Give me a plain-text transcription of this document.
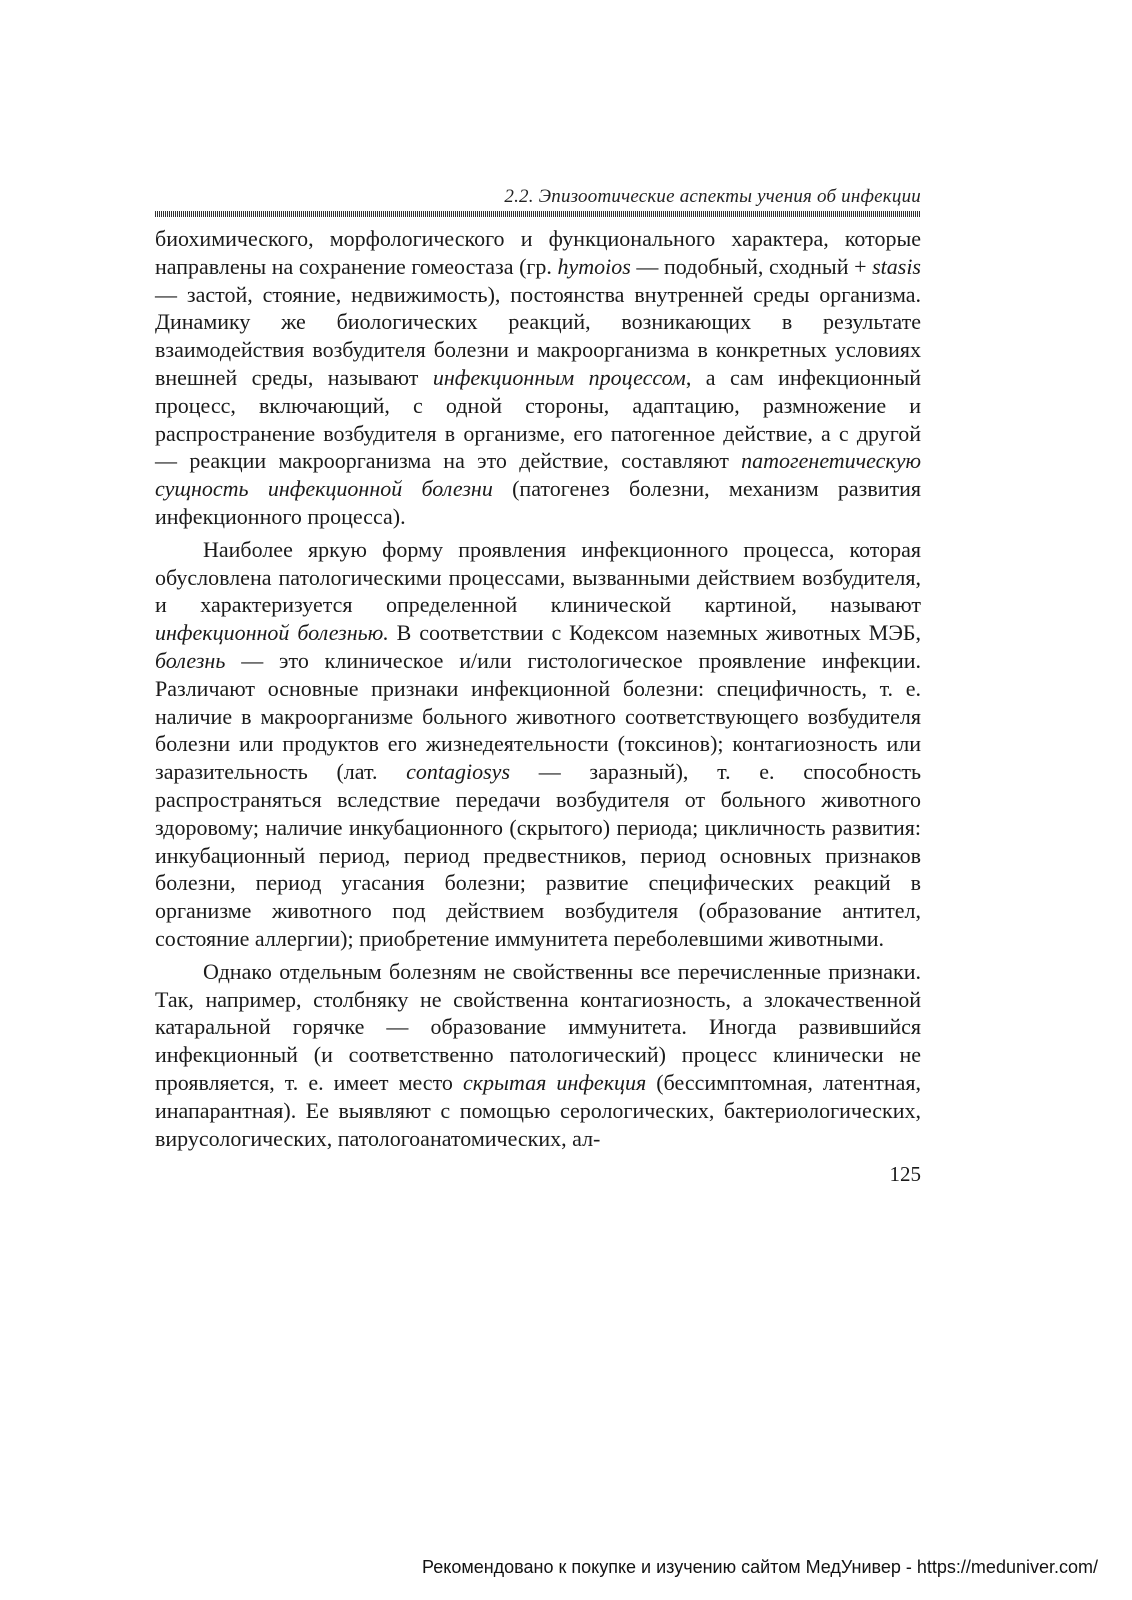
2.2. Эпизоотические аспекты учения об инфекции

биохимического, морфологического и функционального характера, которые направлены на сохранение гомеостаза (гр. hymoios — подобный, сходный + stasis — застой, стояние, недвижимость), постоянства внутренней среды организма. Динамику же биологических реакций, возникающих в результате взаимодействия возбудителя болезни и макроорганизма в конкретных условиях внешней среды, называют инфекционным процессом, а сам инфекционный процесс, включающий, с одной стороны, адаптацию, размножение и распространение возбудителя в организме, его патогенное действие, а с другой — реакции макроорганизма на это действие, составляют патогенетическую сущность инфекционной болезни (патогенез болезни, механизм развития инфекционного процесса).

Наиболее яркую форму проявления инфекционного процесса, которая обусловлена патологическими процессами, вызванными действием возбудителя, и характеризуется определенной клинической картиной, называют инфекционной болезнью. В соответствии с Кодексом наземных животных МЭБ, болезнь — это клиническое и/или гистологическое проявление инфекции. Различают основные признаки инфекционной болезни: специфичность, т. е. наличие в макроорганизме больного животного соответствующего возбудителя болезни или продуктов его жизнедеятельности (токсинов); контагиозность или заразительность (лат. contagiosys — заразный), т. е. способность распространяться вследствие передачи возбудителя от больного животного здоровому; наличие инкубационного (скрытого) периода; цикличность развития: инкубационный период, период предвестников, период основных признаков болезни, период угасания болезни; развитие специфических реакций в организме животного под действием возбудителя (образование антител, состояние аллергии); приобретение иммунитета переболевшими животными.

Однако отдельным болезням не свойственны все перечисленные признаки. Так, например, столбняку не свойственна контагиозность, а злокачественной катаральной горячке — образование иммунитета. Иногда развившийся инфекционный (и соответственно патологический) процесс клинически не проявляется, т. е. имеет место скрытая инфекция (бессимптомная, латентная, инапарантная). Ее выявляют с помощью серологических, бактериологических, вирусологических, патологоанатомических, ал-

125
Рекомендовано к покупке и изучению сайтом МедУнивер - https://meduniver.com/
